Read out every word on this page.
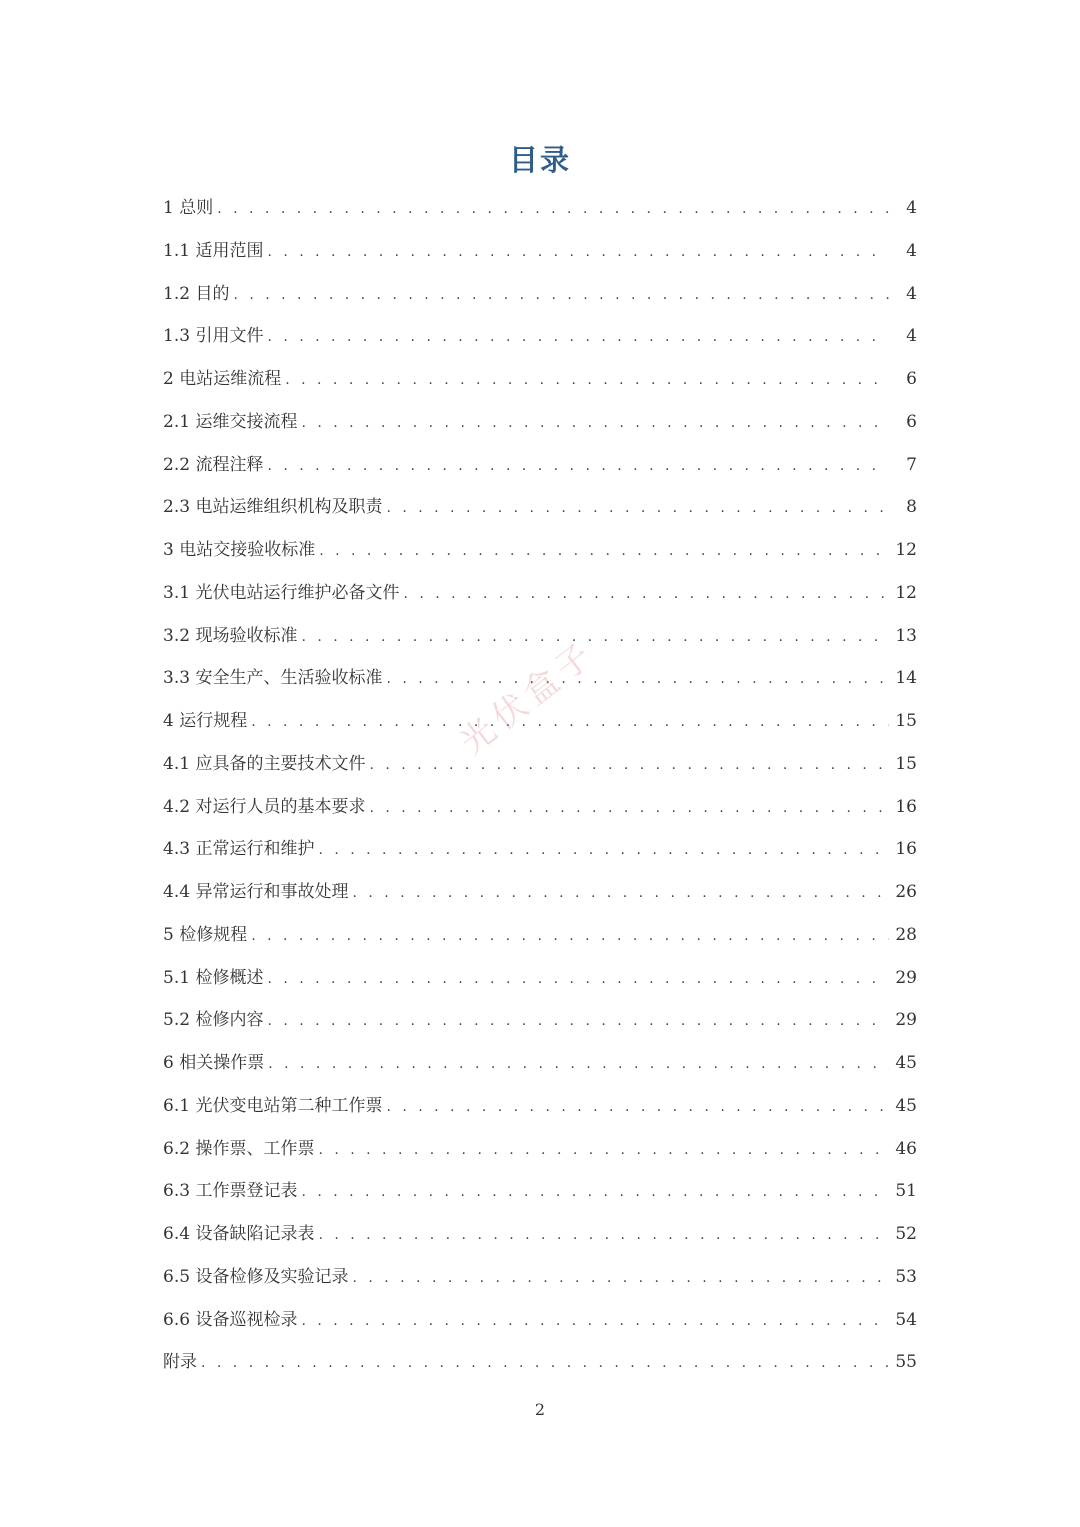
目录
1 总则 . . .	4
1.1 适用范围 . . .	4
1.2 目的 . . .	4
1.3 引用文件 . . .	4
2 电站运维流程 . . .	6
2.1 运维交接流程 . . .	6
2.2 流程注释 . . .	7
2.3 电站运维组织机构及职责 . . .	8
3 电站交接验收标准 . . .	12
3.1 光伏电站运行维护必备文件 . . .	12
3.2 现场验收标准 . . .	13
3.3 安全生产、生活验收标准 . . .	14
4 运行规程 . . .	15
4.1 应具备的主要技术文件 . . .	15
4.2 对运行人员的基本要求 . . .	16
4.3 正常运行和维护 . . .	16
4.4 异常运行和事故处理 . . .	26
5 检修规程 . . .	28
5.1 检修概述 . . .	29
5.2 检修内容 . . .	29
6 相关操作票 . . .	45
6.1 光伏变电站第二种工作票 . . .	45
6.2 操作票、工作票 . . .	46
6.3 工作票登记表 . . .	51
6.4 设备缺陷记录表 . . .	52
6.5 设备检修及实验记录 . . .	53
6.6 设备巡视检录 . . .	54
附录 . . .	55
光伏盒子
2
